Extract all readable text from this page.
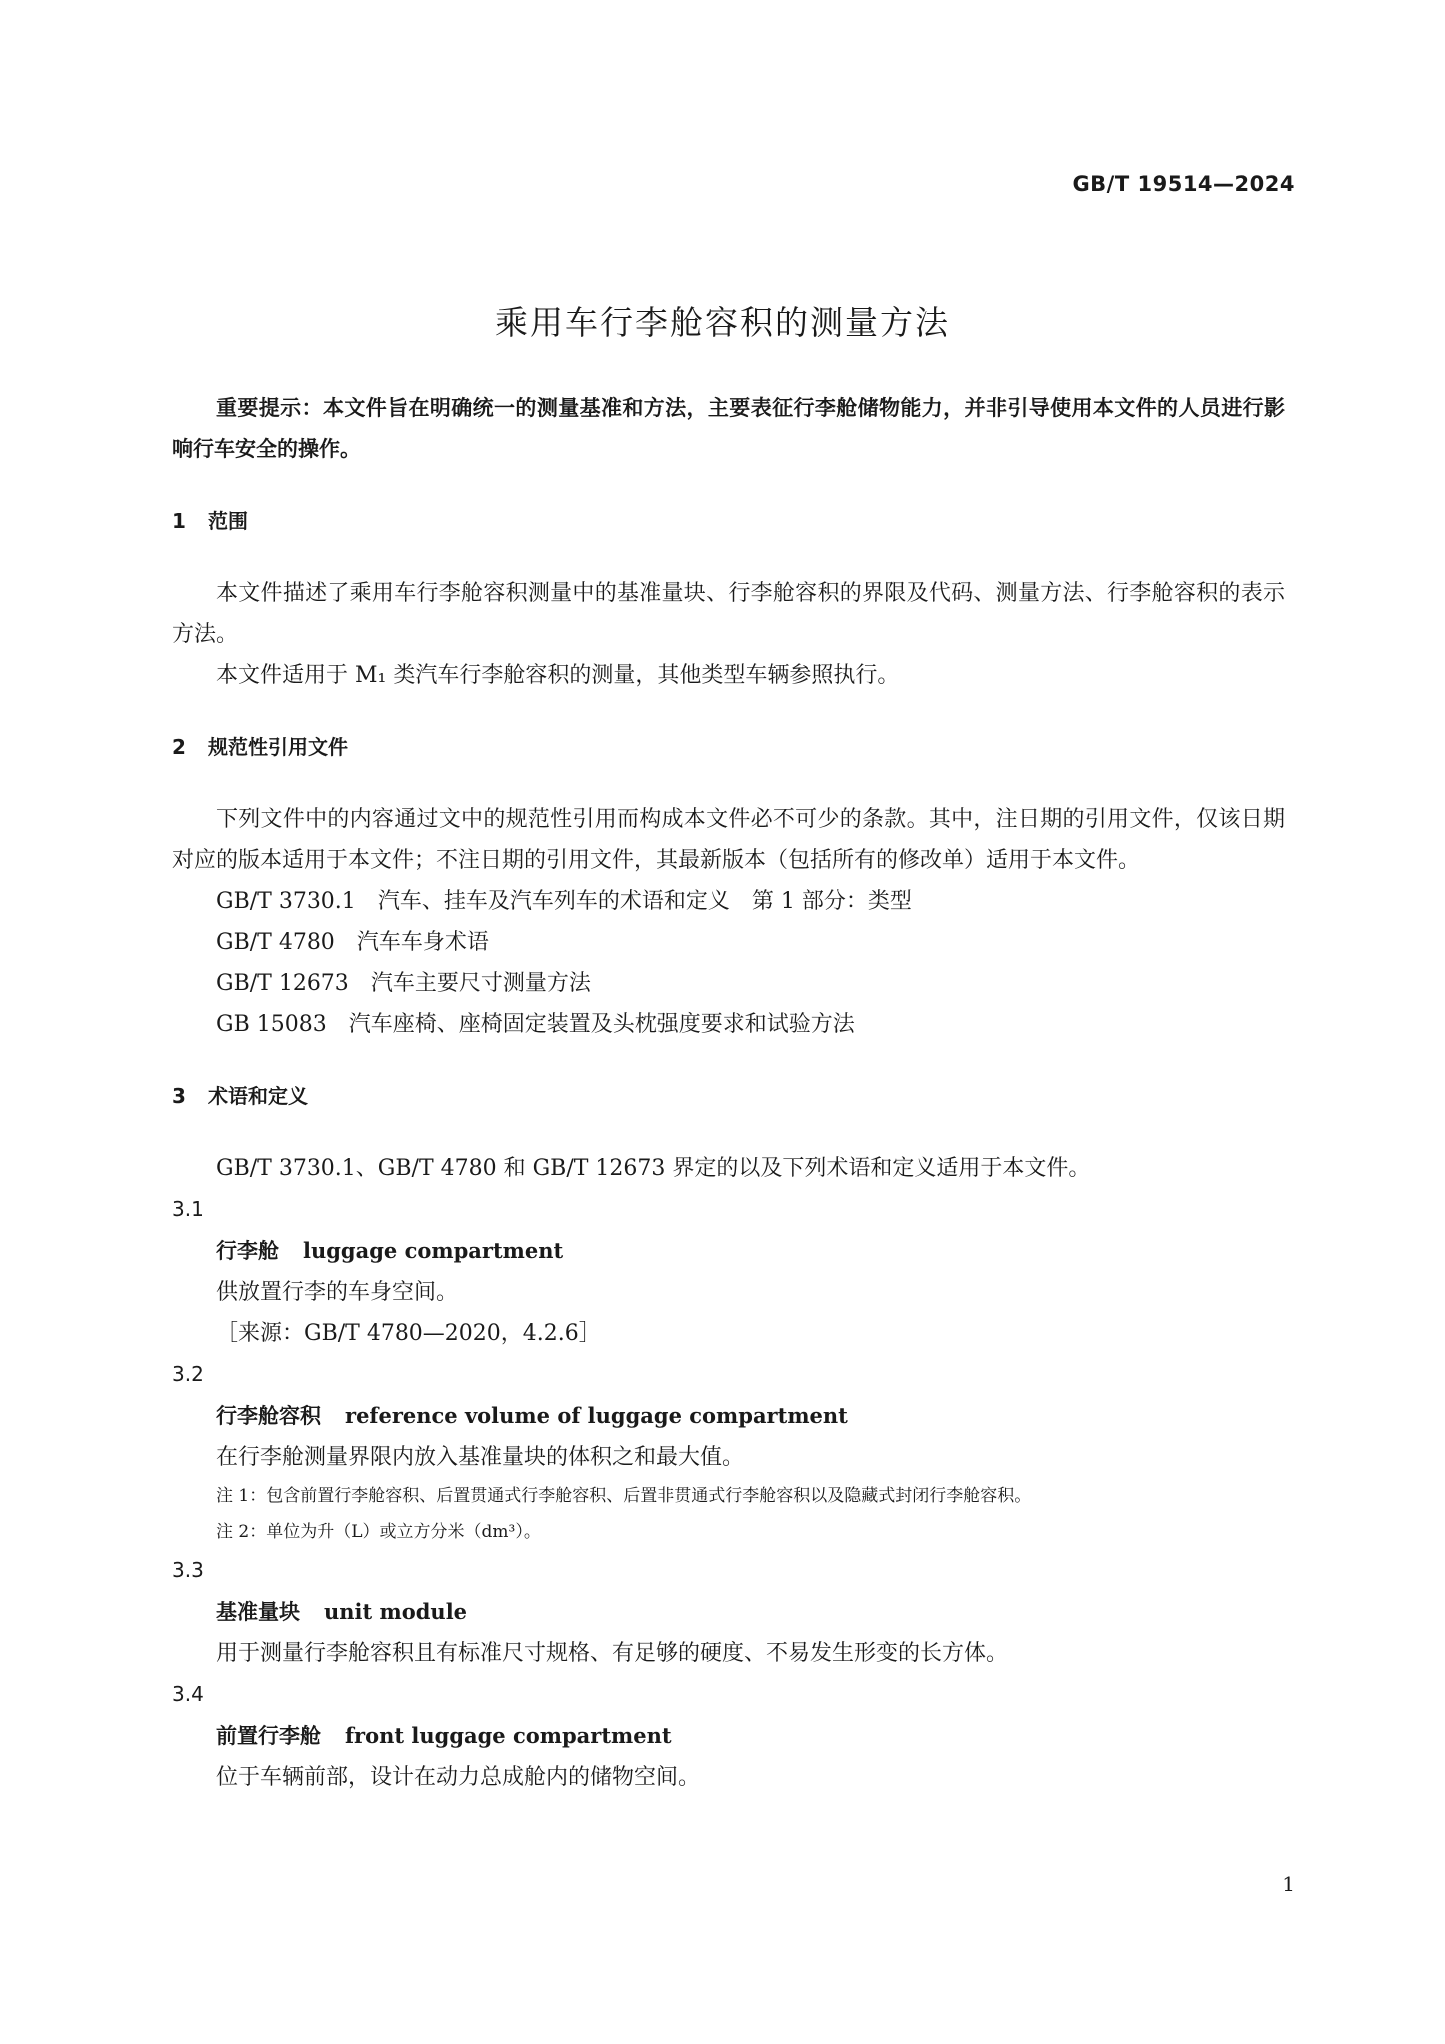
GB/T 19514—2024
乘用车行李舱容积的测量方法

重要提示：本文件旨在明确统一的测量基准和方法，主要表征行李舱储物能力，并非引导使用本文件的人员进行影响行车安全的操作。

1 范围

本文件描述了乘用车行李舱容积测量中的基准量块、行李舱容积的界限及代码、测量方法、行李舱容积的表示方法。

本文件适用于 M₁ 类汽车行李舱容积的测量，其他类型车辆参照执行。

2 规范性引用文件

下列文件中的内容通过文中的规范性引用而构成本文件必不可少的条款。其中，注日期的引用文件，仅该日期对应的版本适用于本文件；不注日期的引用文件，其最新版本（包括所有的修改单）适用于本文件。

GB/T 3730.1　 汽车、挂车及汽车列车的术语和定义　第 1 部分：类型

GB/T 4780　 汽车车身术语

GB/T 12673　 汽车主要尺寸测量方法

GB 15083　 汽车座椅、座椅固定装置及头枕强度要求和试验方法

3 术语和定义

GB/T 3730.1、GB/T 4780 和 GB/T 12673 界定的以及下列术语和定义适用于本文件。

3.1

行李舱 luggage compartment

供放置行李的车身空间。

［来源：GB/T 4780—2020，4.2.6］

3.2

行李舱容积 reference volume of luggage compartment

在行李舱测量界限内放入基准量块的体积之和最大值。

注 1：包含前置行李舱容积、后置贯通式行李舱容积、后置非贯通式行李舱容积以及隐藏式封闭行李舱容积。

注 2：单位为升（L）或立方分米（dm³）。

3.3

基准量块 unit module

用于测量行李舱容积且有标准尺寸规格、有足够的硬度、不易发生形变的长方体。

3.4

前置行李舱 front luggage compartment

位于车辆前部，设计在动力总成舱内的储物空间。

1
